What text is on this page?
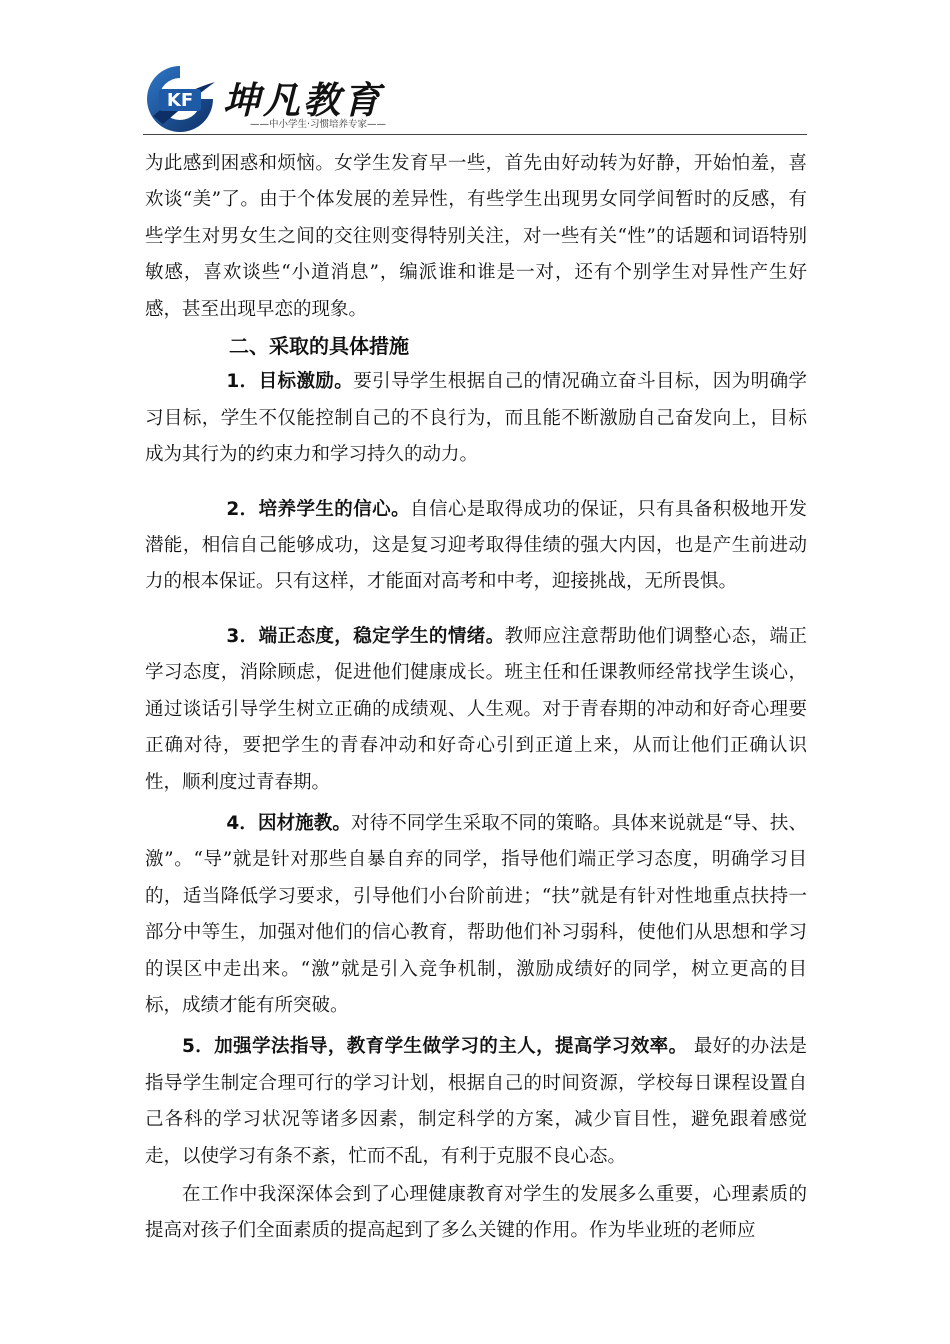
KF 坤凡教育
——中小学生·习惯培养专家——

为此感到困惑和烦恼。女学生发育早一些，首先由好动转为好静，开始怕羞，喜欢谈“美”了。由于个体发展的差异性，有些学生出现男女同学间暂时的反感，有些学生对男女生之间的交往则变得特别关注，对一些有关“性”的话题和词语特别敏感，喜欢谈些“小道消息”，编派谁和谁是一对，还有个别学生对异性产生好感，甚至出现早恋的现象。

二、采取的具体措施

1．目标激励。要引导学生根据自己的情况确立奋斗目标，因为明确学习目标，学生不仅能控制自己的不良行为，而且能不断激励自己奋发向上，目标成为其行为的约束力和学习持久的动力。

2．培养学生的信心。自信心是取得成功的保证，只有具备积极地开发潜能，相信自己能够成功，这是复习迎考取得佳绩的强大内因，也是产生前进动力的根本保证。只有这样，才能面对高考和中考，迎接挑战，无所畏惧。

3．端正态度，稳定学生的情绪。教师应注意帮助他们调整心态，端正学习态度，消除顾虑，促进他们健康成长。班主任和任课教师经常找学生谈心，通过谈话引导学生树立正确的成绩观、人生观。对于青春期的冲动和好奇心理要正确对待，要把学生的青春冲动和好奇心引到正道上来，从而让他们正确认识性，顺利度过青春期。

4．因材施教。对待不同学生采取不同的策略。具体来说就是“导、扶、激”。“导”就是针对那些自暴自弃的同学，指导他们端正学习态度，明确学习目的，适当降低学习要求，引导他们小台阶前进；“扶”就是有针对性地重点扶持一部分中等生，加强对他们的信心教育，帮助他们补习弱科，使他们从思想和学习的误区中走出来。“激”就是引入竞争机制，激励成绩好的同学，树立更高的目标，成绩才能有所突破。

5．加强学法指导，教育学生做学习的主人，提高学习效率。 最好的办法是指导学生制定合理可行的学习计划，根据自己的时间资源，学校每日课程设置自己各科的学习状况等诸多因素，制定科学的方案，减少盲目性，避免跟着感觉走，以使学习有条不紊，忙而不乱，有利于克服不良心态。

在工作中我深深体会到了心理健康教育对学生的发展多么重要，心理素质的提高对孩子们全面素质的提高起到了多么关键的作用。作为毕业班的老师应
